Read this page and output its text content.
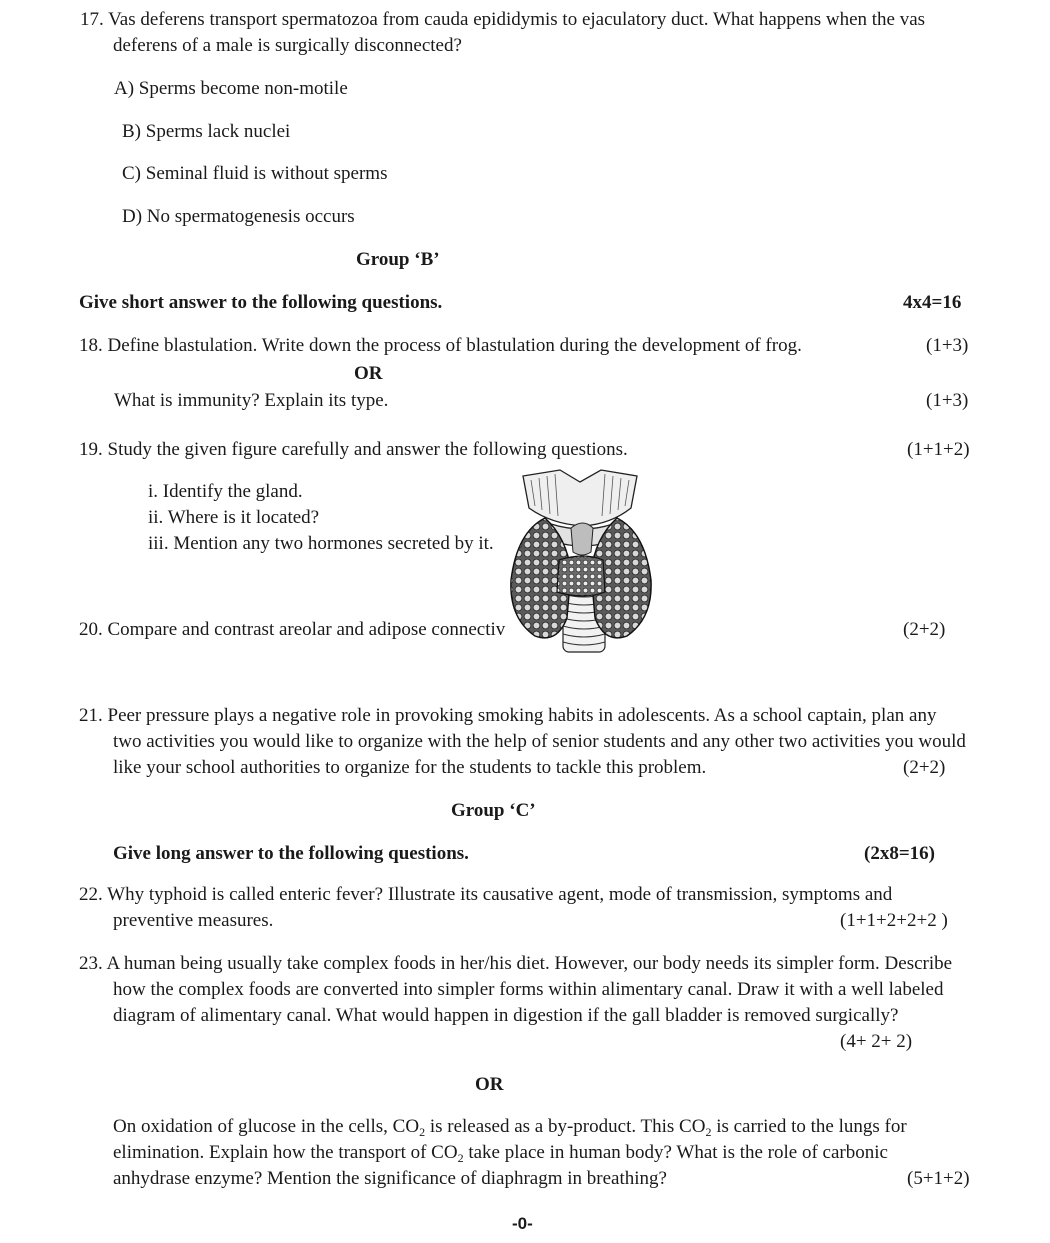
17. Vas deferens transport spermatozoa from cauda epididymis to ejaculatory duct. What happens when the vas
deferens of a male is surgically disconnected?
A) Sperms become non-motile
B) Sperms lack nuclei
C) Seminal fluid is without sperms
D) No spermatogenesis occurs
Group ‘B’
Give short answer to the following questions.	4x4=16
18. Define blastulation. Write down the process of blastulation during the development of frog.	(1+3)
OR
What is immunity? Explain its type.	(1+3)
19. Study the given figure carefully and answer the following questions.	(1+1+2)
i. Identify the gland.
ii. Where is it located?
iii. Mention any two hormones secreted by it.
20. Compare and contrast areolar and adipose connectiv	(2+2)
21. Peer pressure plays a negative role in provoking smoking habits in adolescents. As a school captain, plan any
two activities you would like to organize with the help of senior students and any other two activities you would
like your school authorities to organize for the students to tackle this problem.	(2+2)
Group ‘C’
Give long answer to the following questions.	(2x8=16)
22. Why typhoid is called enteric fever? Illustrate its causative agent, mode of transmission, symptoms and
preventive measures.	(1+1+2+2+2 )
23. A human being usually take complex foods in her/his diet. However, our body needs its simpler form. Describe
how the complex foods are converted into simpler forms within alimentary canal. Draw it with a well labeled
diagram of alimentary canal. What would happen in digestion if the gall bladder is removed surgically?
(4+ 2+ 2)
OR
On oxidation of glucose in the cells, $CO_2$ is released as a by-product. This $CO_2$ is carried to the lungs for
elimination. Explain how the transport of $CO_2$ take place in human body? What is the role of carbonic
anhydrase enzyme? Mention the significance of diaphragm in breathing?	(5+1+2)
-0-
